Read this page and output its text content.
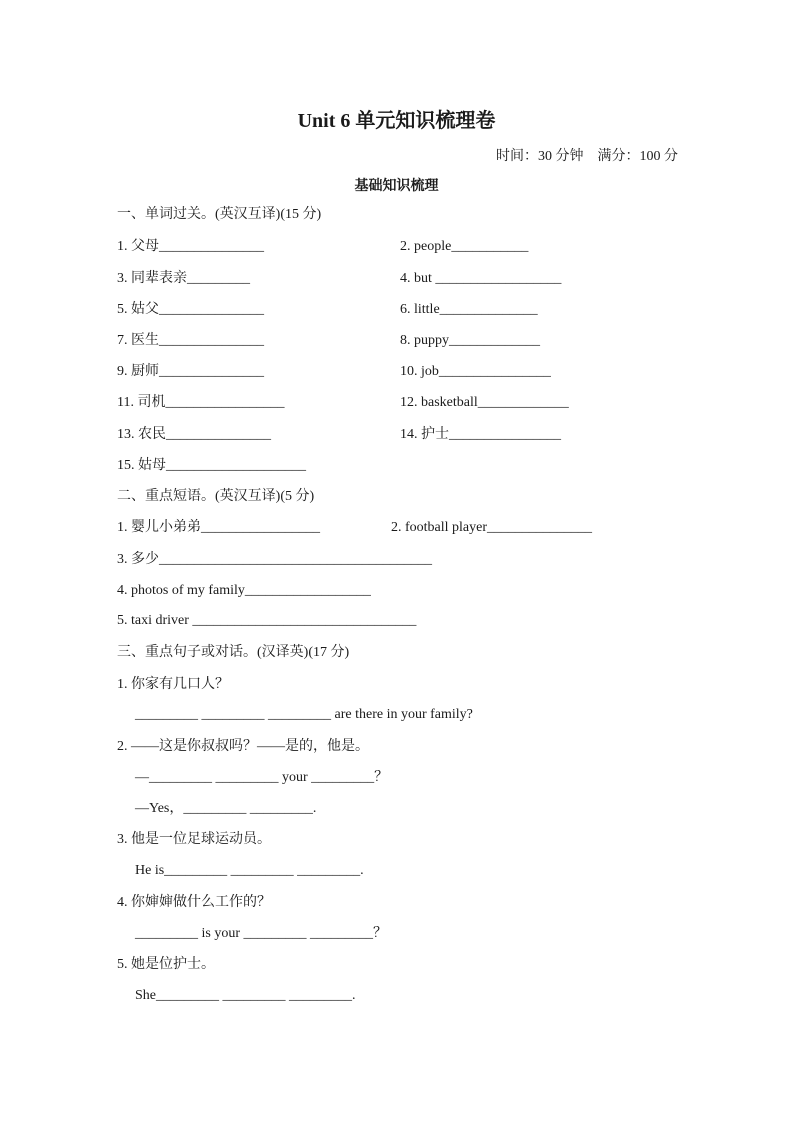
Unit 6 单元知识梳理卷
时间：30 分钟　满分：100 分
基础知识梳理
一、单词过关。(英汉互译)(15 分)
1. 父母_______________	2. people___________
3. 同辈表亲_________	4. but __________________
5. 姑父_______________	6. little______________
7. 医生_______________	8. puppy_____________
9. 厨师_______________	10. job________________
11. 司机_________________	12. basketball_____________
13. 农民_______________	14. 护士________________
15. 姑母____________________
二、重点短语。(英汉互译)(5 分)
1. 婴儿小弟弟_________________	2. football player_______________
3. 多少_______________________________________
4. photos of my family__________________
5. taxi driver ________________________________
三、重点句子或对话。(汉译英)(17 分)
1. 你家有几口人？
_________ _________ _________ are there in your family?
2. ——这是你叔叔吗？——是的，他是。
—_________ _________ your _________？
—Yes，_________ _________.
3. 他是一位足球运动员。
He is_________ _________ _________.
4. 你婶婶做什么工作的？
_________ is your _________ _________？
5. 她是位护士。
She_________ _________ _________.
